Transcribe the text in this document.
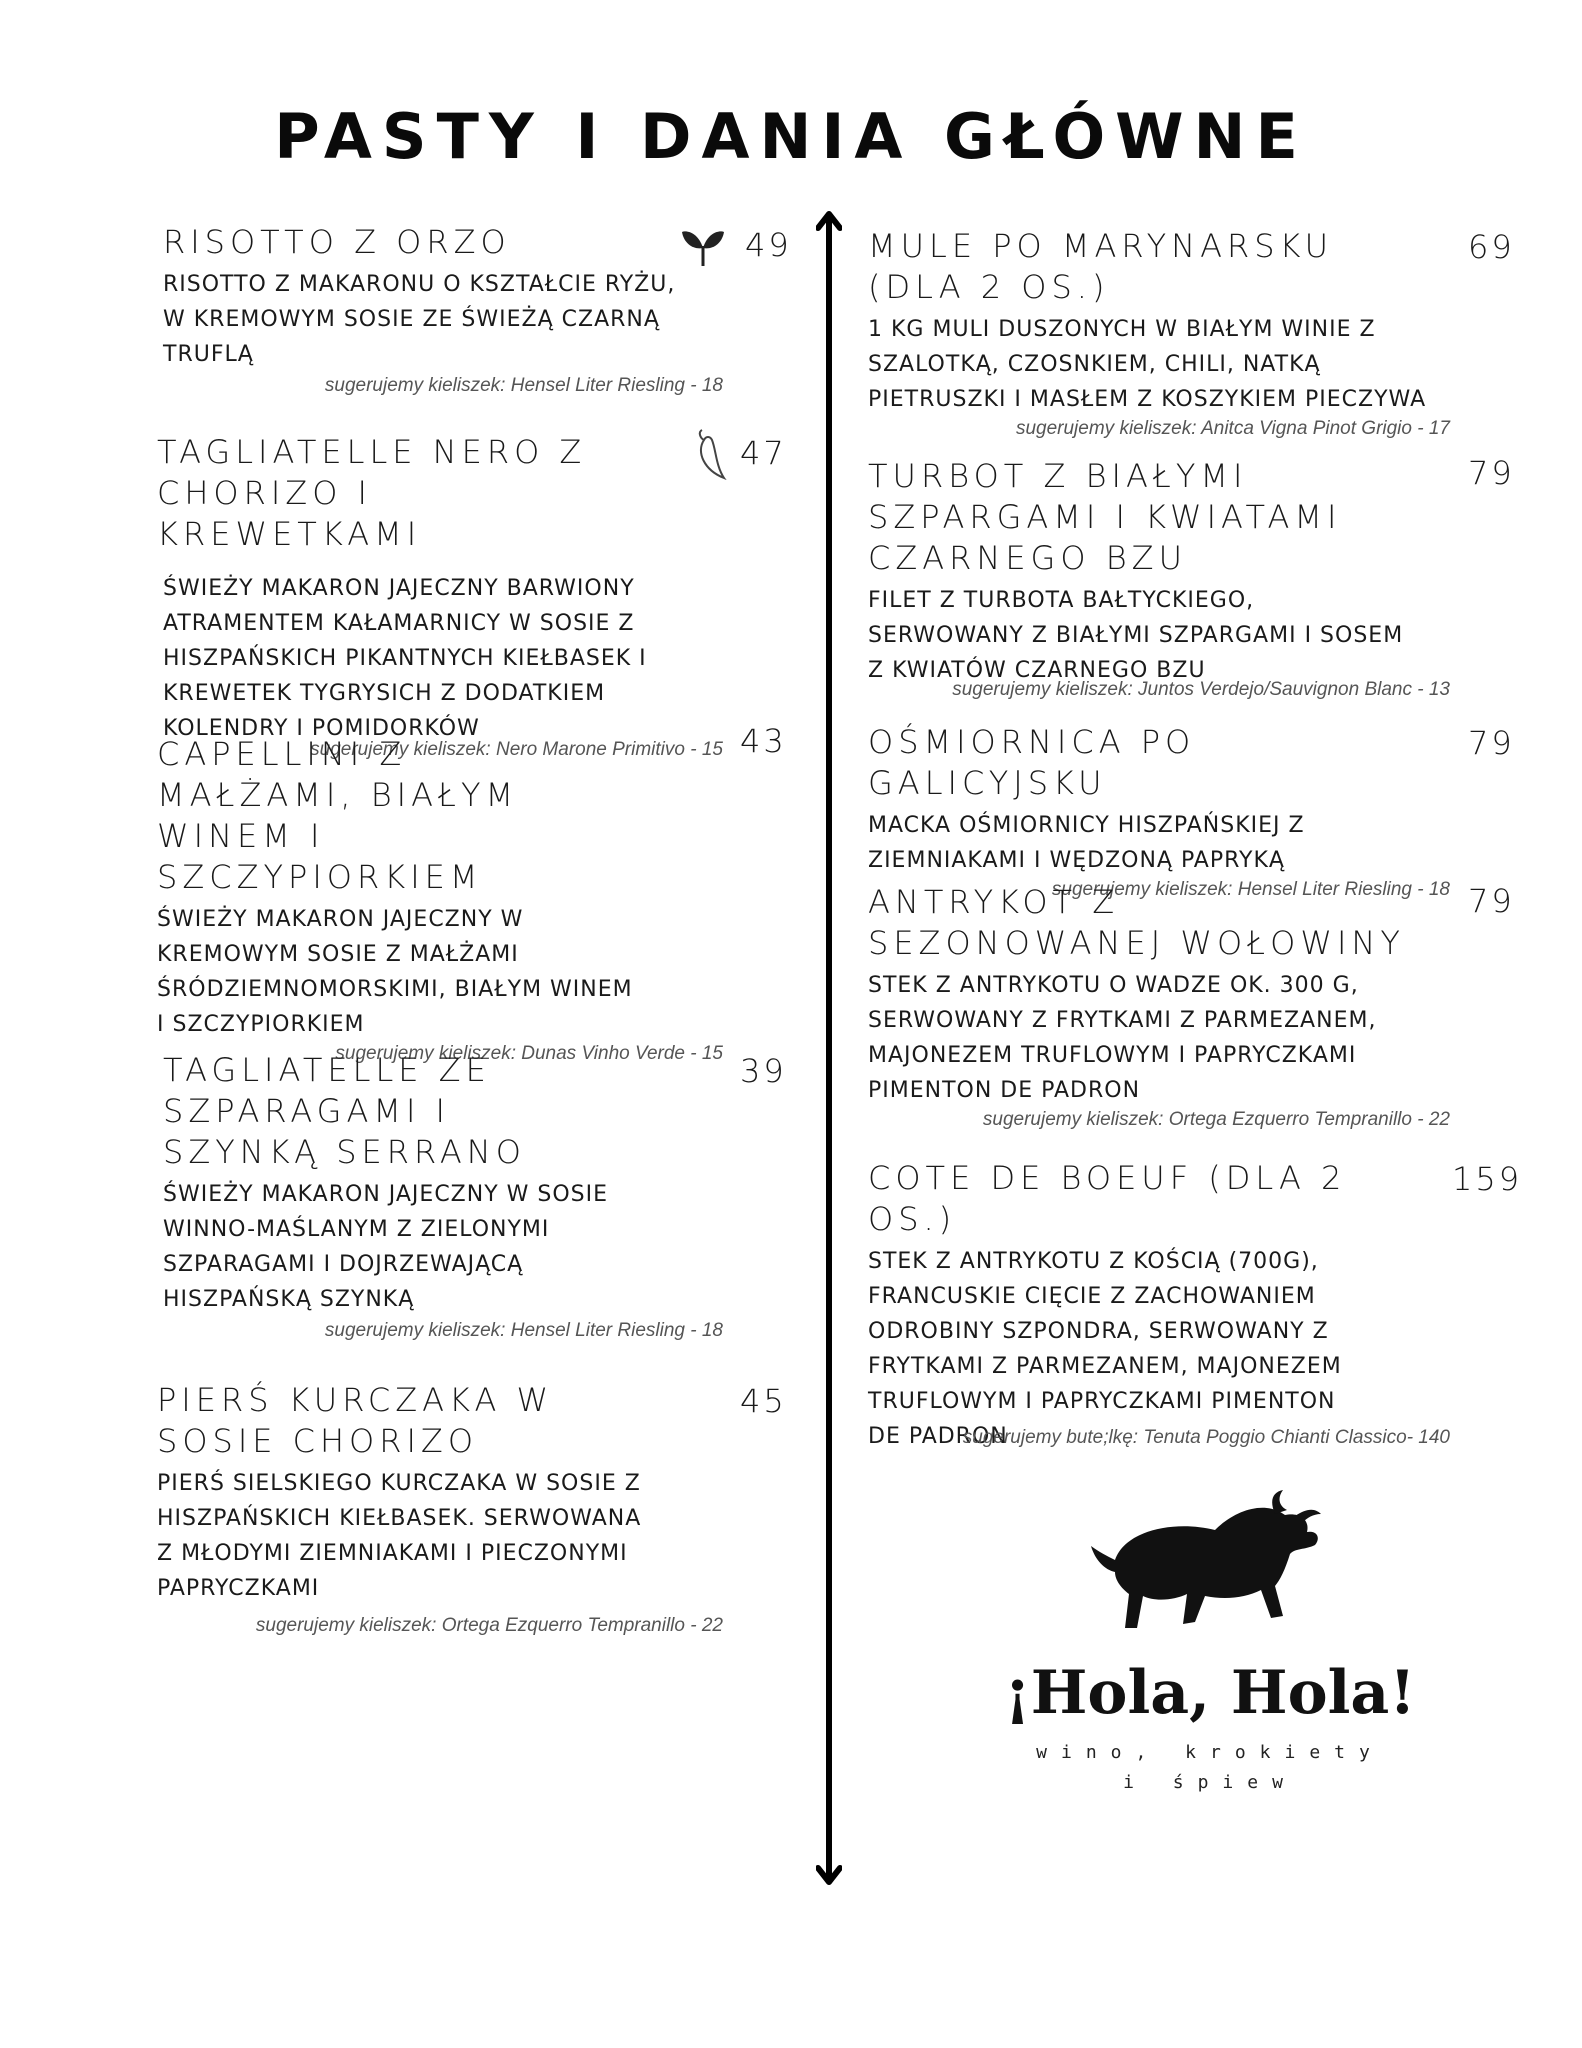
PASTY I DANIA GŁÓWNE
RISOTTO Z ORZO
RISOTTO Z MAKARONU O KSZTAŁCIE RYŻU, W KREMOWYM SOSIE ZE ŚWIEŻĄ CZARNĄ TRUFLĄ
sugerujemy kieliszek: Hensel Liter Riesling - 18
49
TAGLIATELLE NERO Z CHORIZO I KREWETKAMI
ŚWIEŻY MAKARON JAJECZNY BARWIONY ATRAMENTEM KAŁAMARNICY W SOSIE Z HISZPAŃSKICH PIKANTNYCH KIEŁBASEK I KREWETEK TYGRYSICH Z DODATKIEM KOLENDRY I POMIDORKÓW
sugerujemy kieliszek: Nero Marone Primitivo - 15
47
CAPELLINI Z MAŁŻAMI, BIAŁYM WINEM I SZCZYPIORKIEM
ŚWIEŻY MAKARON JAJECZNY W KREMOWYM SOSIE Z MAŁŻAMI ŚRÓDZIEMNOMORSKIMI, BIAŁYM WINEM I SZCZYPIORKIEM
sugerujemy kieliszek: Dunas Vinho Verde - 15
43
TAGLIATELLE ZE SZPARAGAMI I SZYNKĄ SERRANO
ŚWIEŻY MAKARON JAJECZNY W SOSIE WINNO-MAŚLANYM Z ZIELONYMI SZPARAGAMI I DOJRZEWAJĄCĄ HISZPAŃSKĄ SZYNKĄ
sugerujemy kieliszek: Hensel Liter Riesling - 18
39
PIERŚ KURCZAKA W SOSIE CHORIZO
PIERŚ SIELSKIEGO KURCZAKA W SOSIE Z HISZPAŃSKICH KIEŁBASEK. SERWOWANA Z MŁODYMI ZIEMNIAKAMI I PIECZONYMI PAPRYCZKAMI
sugerujemy kieliszek: Ortega Ezquerro Tempranillo - 22
45
MULE PO MARYNARSKU (DLA 2 OS.)
1 KG MULI DUSZONYCH W BIAŁYM WINIE Z SZALOTKĄ, CZOSNKIEM, CHILI, NATKĄ PIETRUSZKI I MASŁEM Z KOSZYKIEM PIECZYWA
sugerujemy kieliszek: Anitca Vigna Pinot Grigio - 17
69
TURBOT Z BIAŁYMI SZPARGAMI I KWIATAMI CZARNEGO BZU
FILET Z TURBOTA BAŁTYCKIEGO, SERWOWANY Z BIAŁYMI SZPARGAMI I SOSEM Z KWIATÓW CZARNEGO BZU
sugerujemy kieliszek: Juntos Verdejo/Sauvignon Blanc - 13
79
OŚMIORNICA PO GALICYJSKU
MACKA OŚMIORNICY HISZPAŃSKIEJ Z ZIEMNIAKAMI I WĘDZONĄ PAPRYKĄ
sugerujemy kieliszek: Hensel Liter Riesling - 18
79
ANTRYKOT Z SEZONOWANEJ WOŁOWINY
STEK Z ANTRYKOTU O WADZE OK. 300 G, SERWOWANY Z FRYTKAMI Z PARMEZANEM, MAJONEZEM TRUFLOWYM I PAPRYCZKAMI PIMENTON DE PADRON
sugerujemy kieliszek: Ortega Ezquerro Tempranillo - 22
79
COTE DE BOEUF (DLA 2 OS.)
STEK Z ANTRYKOTU Z KOŚCIĄ (700G), FRANCUSKIE CIĘCIE Z ZACHOWANIEM ODROBINY SZPONDRA, SERWOWANY Z FRYTKAMI Z PARMEZANEM, MAJONEZEM TRUFLOWYM I PAPRYCZKAMI PIMENTON DE PADRON
sugerujemy bute;lkę: Tenuta Poggio Chianti Classico- 140
159
¡Hola, Hola!
wino, krokiety
i śpiew
